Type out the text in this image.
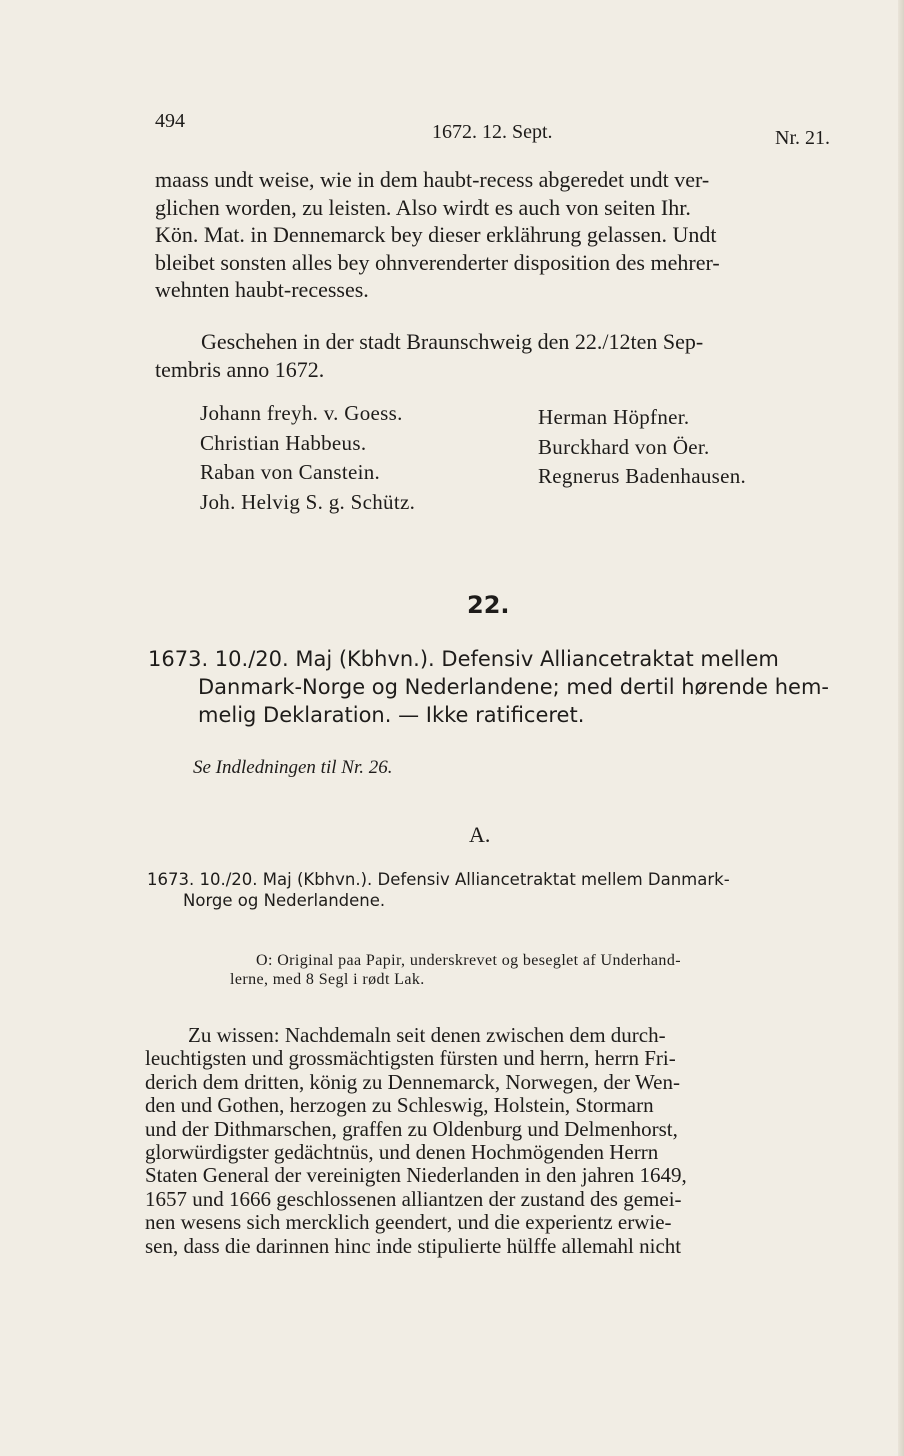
494	1672. 12. Sept.	Nr. 21.
maass undt weise, wie in dem haubt-recess abgeredet undt ver-
glichen worden, zu leisten. Also wirdt es auch von seiten Ihr.
Kön. Mat. in Dennemarck bey dieser erklährung gelassen. Undt
bleibet sonsten alles bey ohnverenderter disposition des mehrer-
wehnten haubt-recesses.
Geschehen in der stadt Braunschweig den 22./12ten Sep-
tembris anno 1672.
Johann freyh. v. Goess.
Christian Habbeus.
Raban von Canstein.
Joh. Helvig S. g. Schütz.
Herman Höpfner.
Burckhard von Öer.
Regnerus Badenhausen.
22.
1673. 10./20. Maj (Kbhvn.). Defensiv Alliancetraktat mellem
Danmark-Norge og Nederlandene; med dertil hørende hem-
melig Deklaration. — Ikke ratificeret.
Se Indledningen til Nr. 26.
A.
1673. 10./20. Maj (Kbhvn.). Defensiv Alliancetraktat mellem Danmark-
Norge og Nederlandene.
O: Original paa Papir, underskrevet og beseglet af Underhand-
lerne, med 8 Segl i rødt Lak.
Zu wissen: Nachdemaln seit denen zwischen dem durch-
leuchtigsten und grossmächtigsten fürsten und herrn, herrn Fri-
derich dem dritten, könig zu Dennemarck, Norwegen, der Wen-
den und Gothen, herzogen zu Schleswig, Holstein, Stormarn
und der Dithmarschen, graffen zu Oldenburg und Delmenhorst,
glorwürdigster gedächtnüs, und denen Hochmögenden Herrn
Staten General der vereinigten Niederlanden in den jahren 1649,
1657 und 1666 geschlossenen alliantzen der zustand des gemei-
nen wesens sich mercklich geendert, und die experientz erwie-
sen, dass die darinnen hinc inde stipulierte hülffe allemahl nicht
